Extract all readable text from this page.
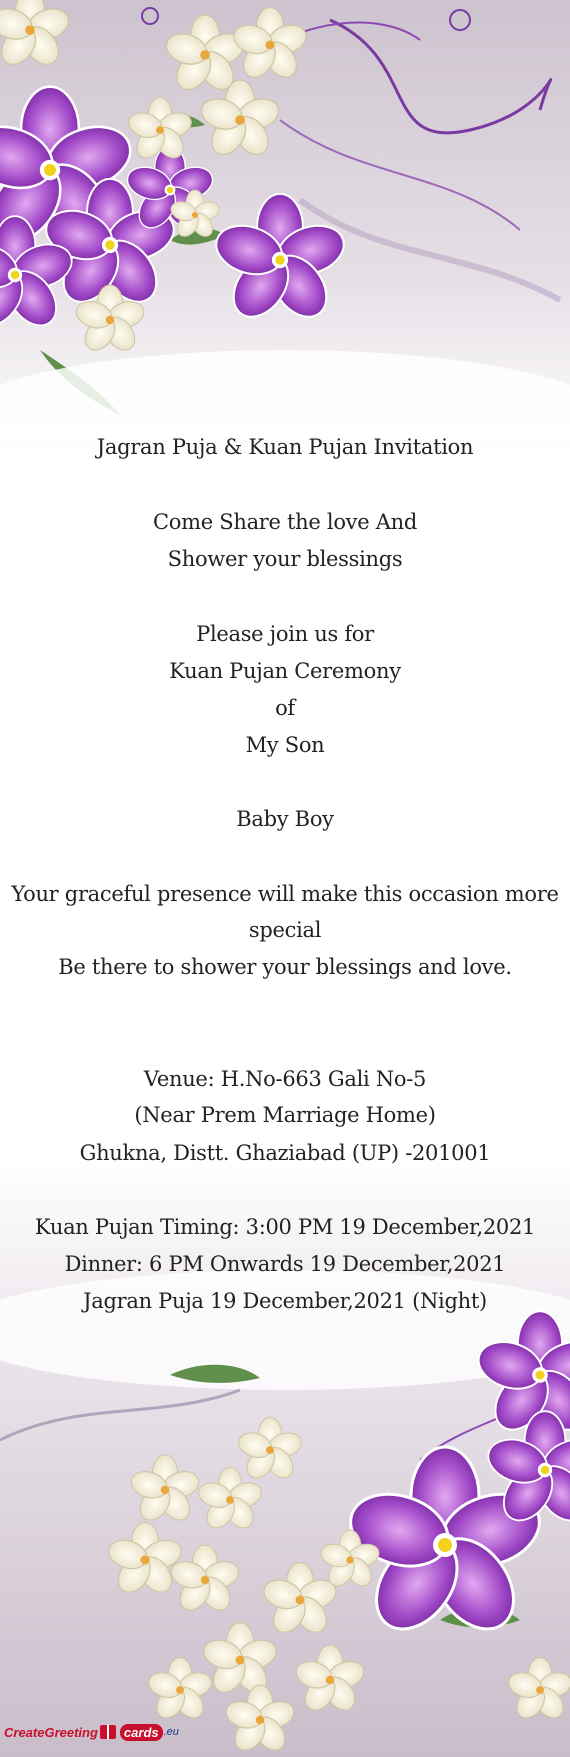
Jagran Puja & Kuan Pujan Invitation
Come Share the love And
Shower your blessings
Please join us for
Kuan Pujan Ceremony
of
My Son
Baby Boy
Your graceful presence will make this occasion more
special
Be there to shower your blessings and love.
Venue: H.No-663 Gali No-5
(Near Prem Marriage Home)
Ghukna, Distt. Ghaziabad (UP) -201001
Kuan Pujan Timing: 3:00 PM 19 December,2021
Dinner: 6 PM Onwards 19 December,2021
Jagran Puja 19 December,2021 (Night)
CreateGreeting	cards .eu
